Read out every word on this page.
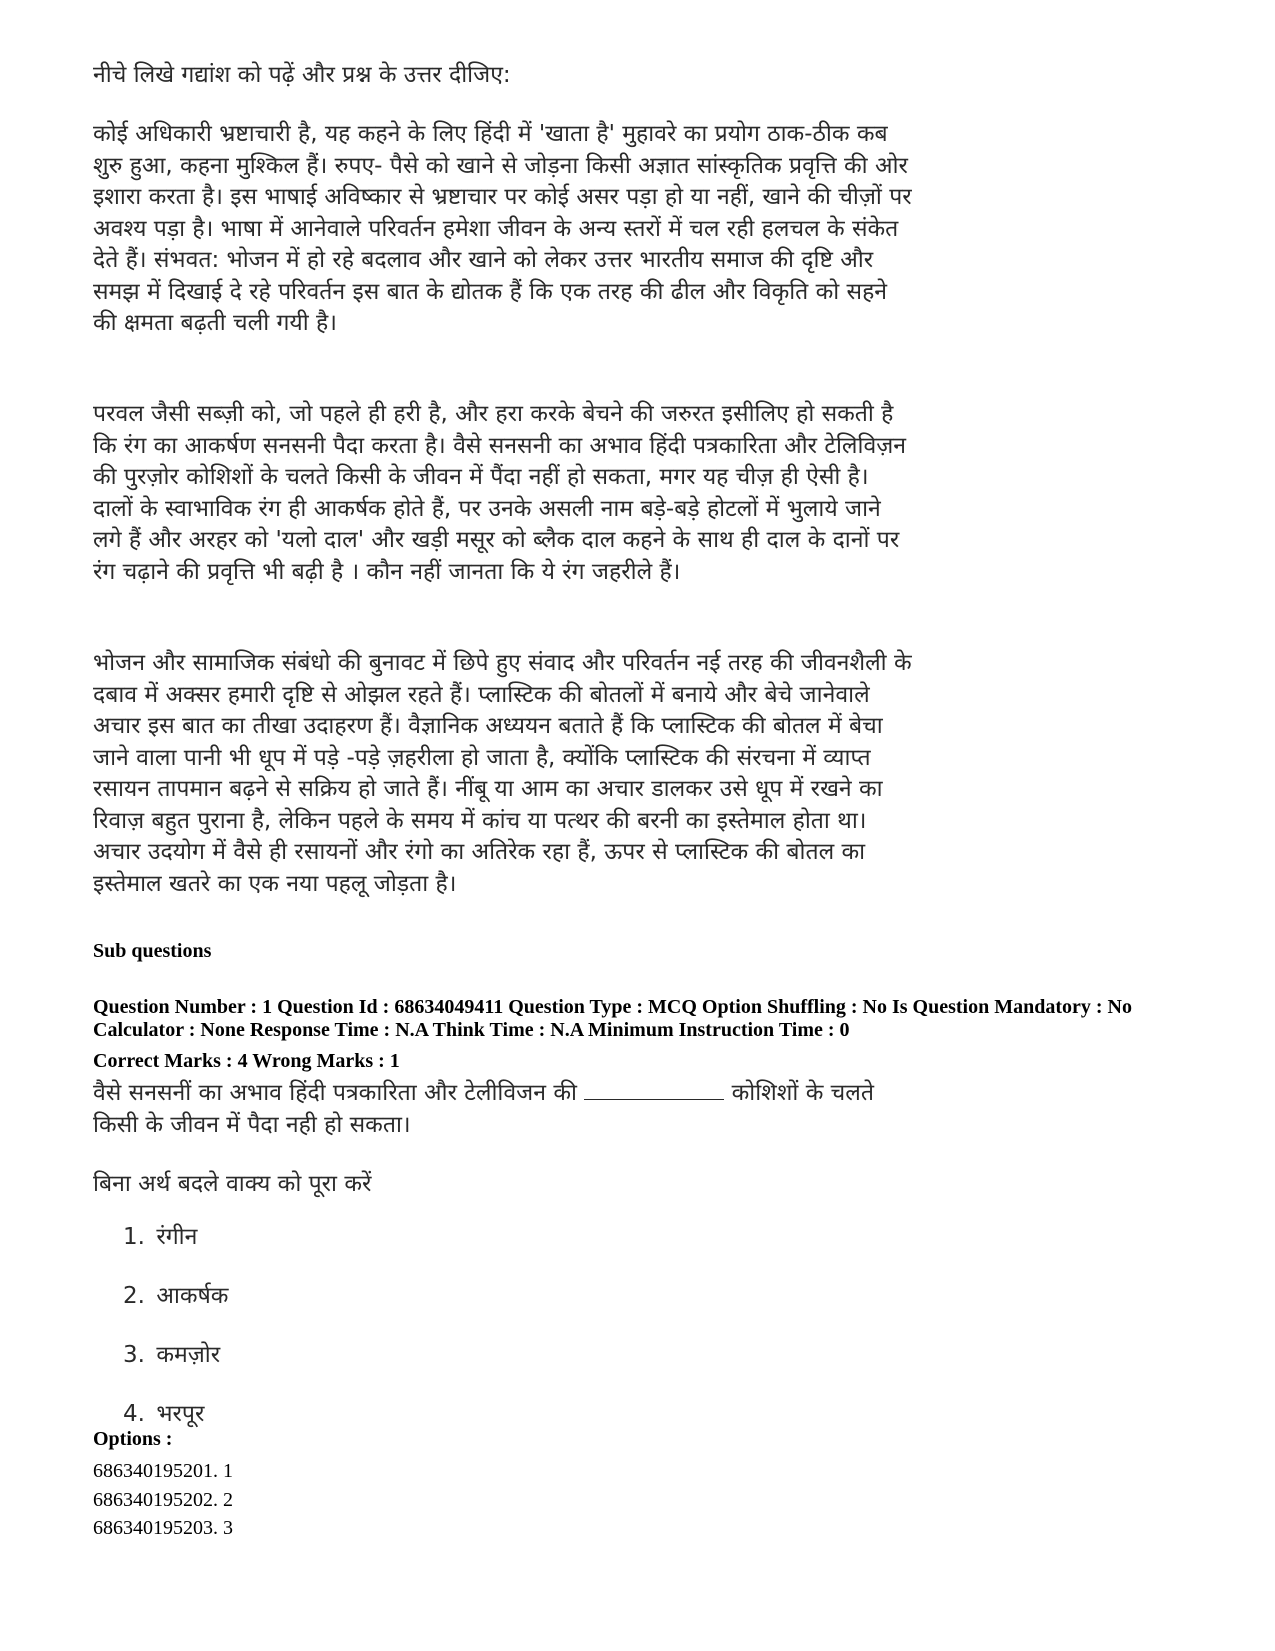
नीचे लिखे गद्यांश को पढ़ें और प्रश्न के उत्तर दीजिए:

कोई अधिकारी भ्रष्टाचारी है, यह कहने के लिए हिंदी में 'खाता है' मुहावरे का प्रयोग ठाक-ठीक कब शुरु हुआ, कहना मुश्किल हैं। रुपए- पैसे को खाने से जोड़ना किसी अज्ञात सांस्कृतिक प्रवृत्ति की ओर इशारा करता है। इस भाषाई अविष्कार से भ्रष्टाचार पर कोई असर पड़ा हो या नहीं, खाने की चीज़ों पर अवश्य पड़ा है। भाषा में आनेवाले परिवर्तन हमेशा जीवन के अन्य स्तरों में चल रही हलचल के संकेत देते हैं। संभवत: भोजन में हो रहे बदलाव और खाने को लेकर उत्तर भारतीय समाज की दृष्टि और समझ में दिखाई दे रहे परिवर्तन इस बात के द्योतक हैं कि एक तरह की ढील और विकृति को सहने की क्षमता बढ़ती चली गयी है।

परवल जैसी सब्ज़ी को, जो पहले ही हरी है, और हरा करके बेचने की जरुरत इसीलिए हो सकती है कि रंग का आकर्षण सनसनी पैदा करता है। वैसे सनसनी का अभाव हिंदी पत्रकारिता और टेलिविज़न की पुरज़ोर कोशिशों के चलते किसी के जीवन में पैंदा नहीं हो सकता, मगर यह चीज़ ही ऐसी है। दालों के स्वाभाविक रंग ही आकर्षक होते हैं, पर उनके असली नाम बड़े-बड़े होटलों में भुलाये जाने लगे हैं और अरहर को 'यलो दाल' और खड़ी मसूर को ब्लैक दाल कहने के साथ ही दाल के दानों पर रंग चढ़ाने की प्रवृत्ति भी बढ़ी है । कौन नहीं जानता कि ये रंग जहरीले हैं।

भोजन और सामाजिक संबंधो की बुनावट में छिपे हुए संवाद और परिवर्तन नई तरह की जीवनशैली के दबाव में अक्सर हमारी दृष्टि से ओझल रहते हैं। प्लास्टिक की बोतलों में बनाये और बेचे जानेवाले अचार इस बात का तीखा उदाहरण हैं। वैज्ञानिक अध्ययन बताते हैं कि प्लास्टिक की बोतल में बेचा जाने वाला पानी भी धूप में पड़े -पड़े ज़हरीला हो जाता है, क्योंकि प्लास्टिक की संरचना में व्याप्त रसायन तापमान बढ़ने से सक्रिय हो जाते हैं। नींबू या आम का अचार डालकर उसे धूप में रखने का रिवाज़ बहुत पुराना है, लेकिन पहले के समय में कांच या पत्थर की बरनी का इस्तेमाल होता था। अचार उदयोग में वैसे ही रसायनों और रंगो का अतिरेक रहा हैं, ऊपर से प्लास्टिक की बोतल का इस्तेमाल खतरे का एक नया पहलू जोड़ता है।

Sub questions
Question Number : 1 Question Id : 68634049411 Question Type : MCQ Option Shuffling : No Is Question Mandatory : No Calculator : None Response Time : N.A Think Time : N.A Minimum Instruction Time : 0
Correct Marks : 4 Wrong Marks : 1

वैसे सनसनीं का अभाव हिंदी पत्रकारिता और टेलीविजन की	कोशिशों के चलते किसी के जीवन में पैदा नही हो सकता।

बिना अर्थ बदले वाक्य को पूरा करें

1. रंगीन
2. आकर्षक
3. कमज़ोर
4. भरपूर
Options :
686340195201. 1
686340195202. 2
686340195203. 3
